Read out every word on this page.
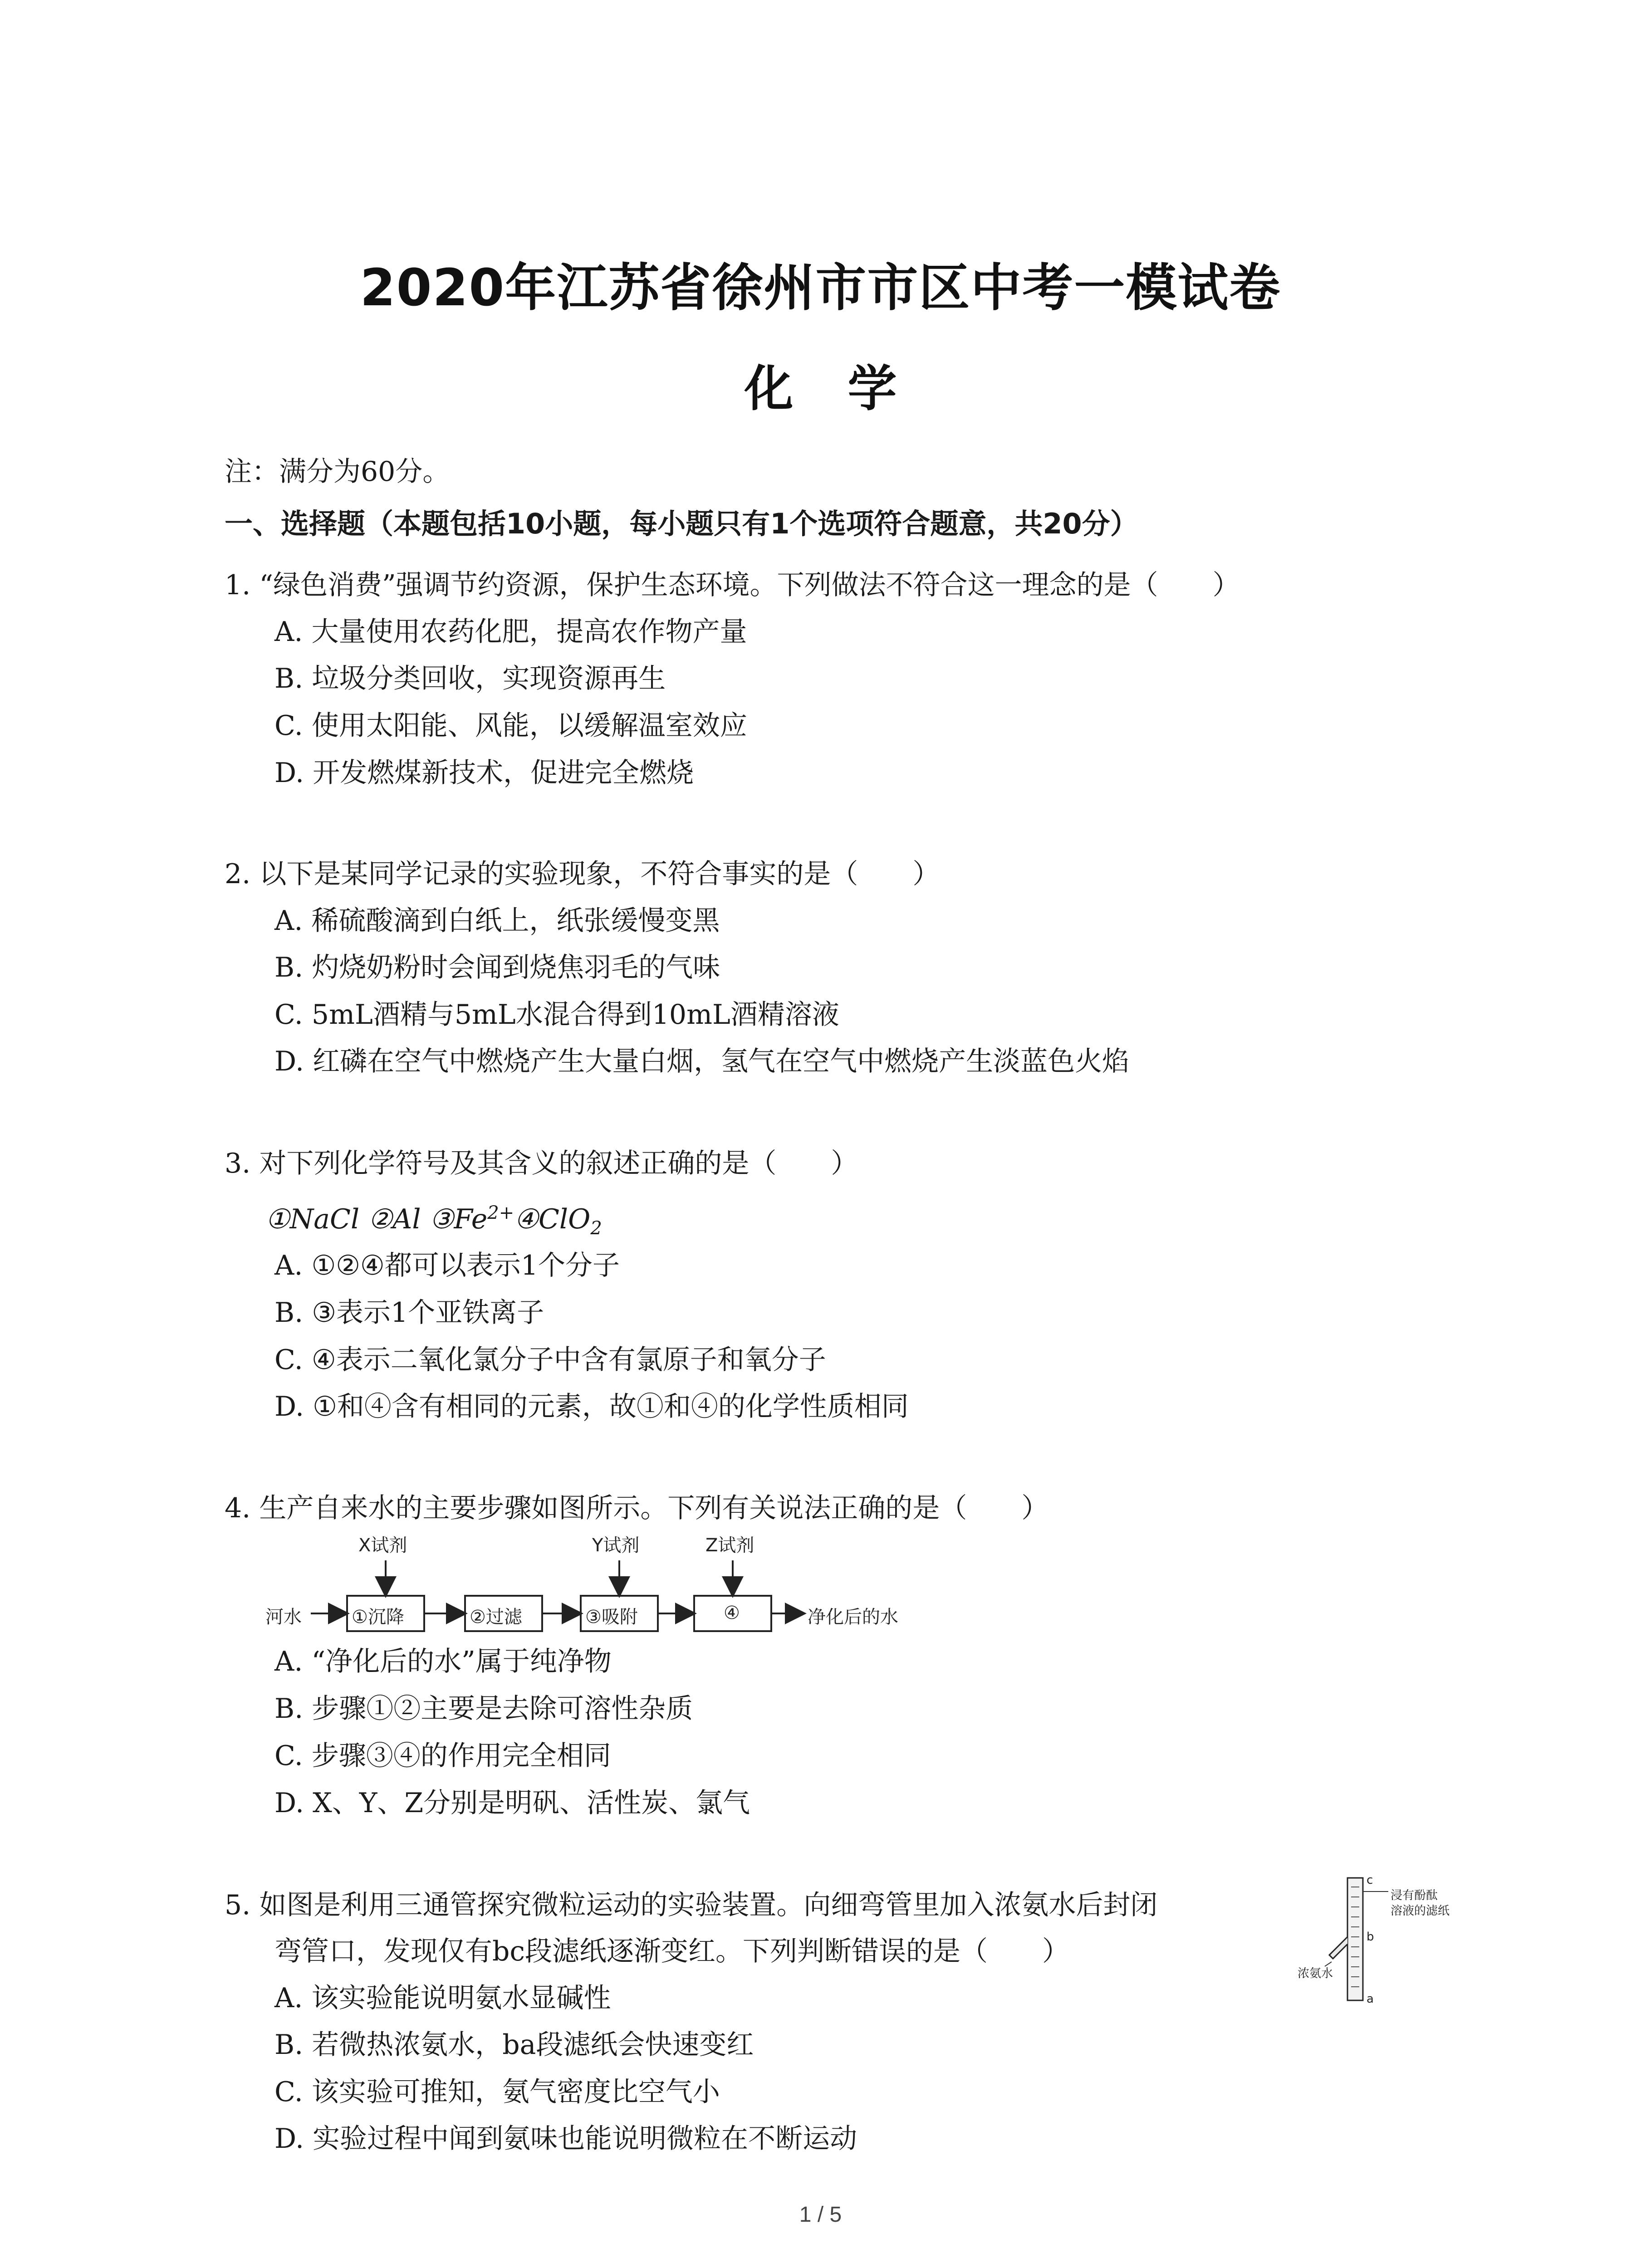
2020年江苏省徐州市市区中考一模试卷
化学
注：满分为60分。
一、选择题（本题包括10小题，每小题只有1个选项符合题意，共20分）
1. “绿色消费”强调节约资源，保护生态环境。下列做法不符合这一理念的是（　　）
A. 大量使用农药化肥，提高农作物产量
B. 垃圾分类回收，实现资源再生
C. 使用太阳能、风能，以缓解温室效应
D. 开发燃煤新技术，促进完全燃烧
2. 以下是某同学记录的实验现象，不符合事实的是（　　）
A. 稀硫酸滴到白纸上，纸张缓慢变黑
B. 灼烧奶粉时会闻到烧焦羽毛的气味
C. 5mL酒精与5mL水混合得到10mL酒精溶液
D. 红磷在空气中燃烧产生大量白烟，氢气在空气中燃烧产生淡蓝色火焰
3. 对下列化学符号及其含义的叙述正确的是（　　）
①NaCl ②Al $③Fe^{2+}④ClO_2$
A. ①②④都可以表示1个分子
B. ③表示1个亚铁离子
C. ④表示二氧化氯分子中含有氯原子和氧分子
D. ①和④含有相同的元素，故①和④的化学性质相同
4. 生产自来水的主要步骤如图所示。下列有关说法正确的是（　　）
X试剂	Y试剂	Z试剂
河水	①沉降	②过滤	③吸附	④	净化后的水
A. “净化后的水”属于纯净物
B. 步骤①②主要是去除可溶性杂质
C. 步骤③④的作用完全相同
D. X、Y、Z分别是明矾、活性炭、氯气
5. 如图是利用三通管探究微粒运动的实验装置。向细弯管里加入浓氨水后封闭
弯管口，发现仅有bc段滤纸逐渐变红。下列判断错误的是（　　）
c
b
a
浸有酚酞
溶液的滤纸
浓氨水
A. 该实验能说明氨水显碱性
B. 若微热浓氨水，ba段滤纸会快速变红
C. 该实验可推知，氨气密度比空气小
D. 实验过程中闻到氨味也能说明微粒在不断运动
1 / 5
